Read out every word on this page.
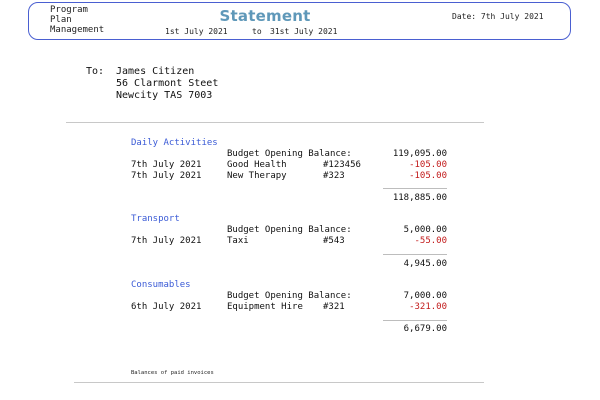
Program
Plan
Management
Statement
1st July 2021	to 31st July 2021
Date: 7th July 2021
To: James Citizen
56 Clarmont Steet
Newcity TAS 7003
Daily Activities
Budget Opening Balance:	119,095.00
7th July 2021	Good Health	#123456	-105.00
7th July 2021	New Therapy	#323	-105.00
118,885.00
Transport
Budget Opening Balance:	5,000.00
7th July 2021	Taxi	#543	-55.00
4,945.00
Consumables
Budget Opening Balance:	7,000.00
6th July 2021	Equipment Hire #321	-321.00
6,679.00
Balances of paid invoices
